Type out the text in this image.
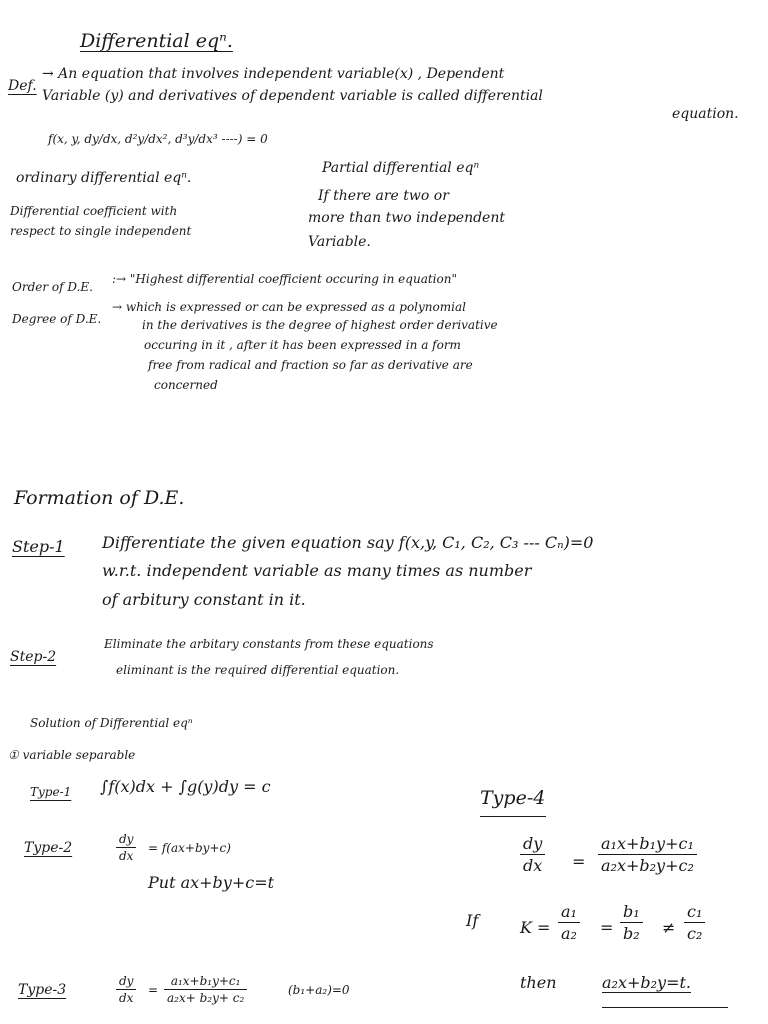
Differential eqⁿ.
Def.
→ An equation that involves independent variable(x) , Dependent
Variable (y) and derivatives of dependent variable is called differential
equation.
f(x, y, dy/dx, d²y/dx², d³y/dx³ ----) = 0
ordinary differential eqⁿ.
Differential coefficient with
respect to single independent
Partial differential eqⁿ
If there are two or
more than two independent
Variable.
Order of D.E.
:→ "Highest differential coefficient occuring in equation"
Degree of D.E.
→ which is expressed or can be expressed as a polynomial
in the derivatives is the degree of highest order derivative
occuring in it , after it has been expressed in a form
free from radical and fraction so far as derivative are
concerned
Formation of D.E.
Step-1 Differentiate the given equation say f(x,y, C₁, C₂, C₃ --- Cₙ)=0
w.r.t. independent variable as many times as number
of arbitury constant in it.
Step-2
Eliminate the arbitary constants from these equations
eliminant is the required differential equation.
Solution of Differential eqⁿ
① variable separable
Type-1 ∫f(x)dx + ∫g(y)dy = c
Type-2	$\frac{dy}{dx} = f(ax+by+c)$
Put ax+by+c=t
Type-3	$\frac{dy}{dx} = \frac{\text{a₁x+b₁y+c₁}}{\text{a₂x+ b₂y+ c₂}}$	(b₁+a₂)=0
Type-4
$\frac{dy}{dx} = \frac{\text{a₁x+b₁y+c₁}}{\text{a₂x+b₂y+c₂}}$
If	$K = \frac{\text{a₁}}{\text{a₂}} = \frac{\text{b₁}}{\text{b₂}} \ne \frac{\text{c₁}}{\text{c₂}}$
then	a₂x+b₂y=t.
